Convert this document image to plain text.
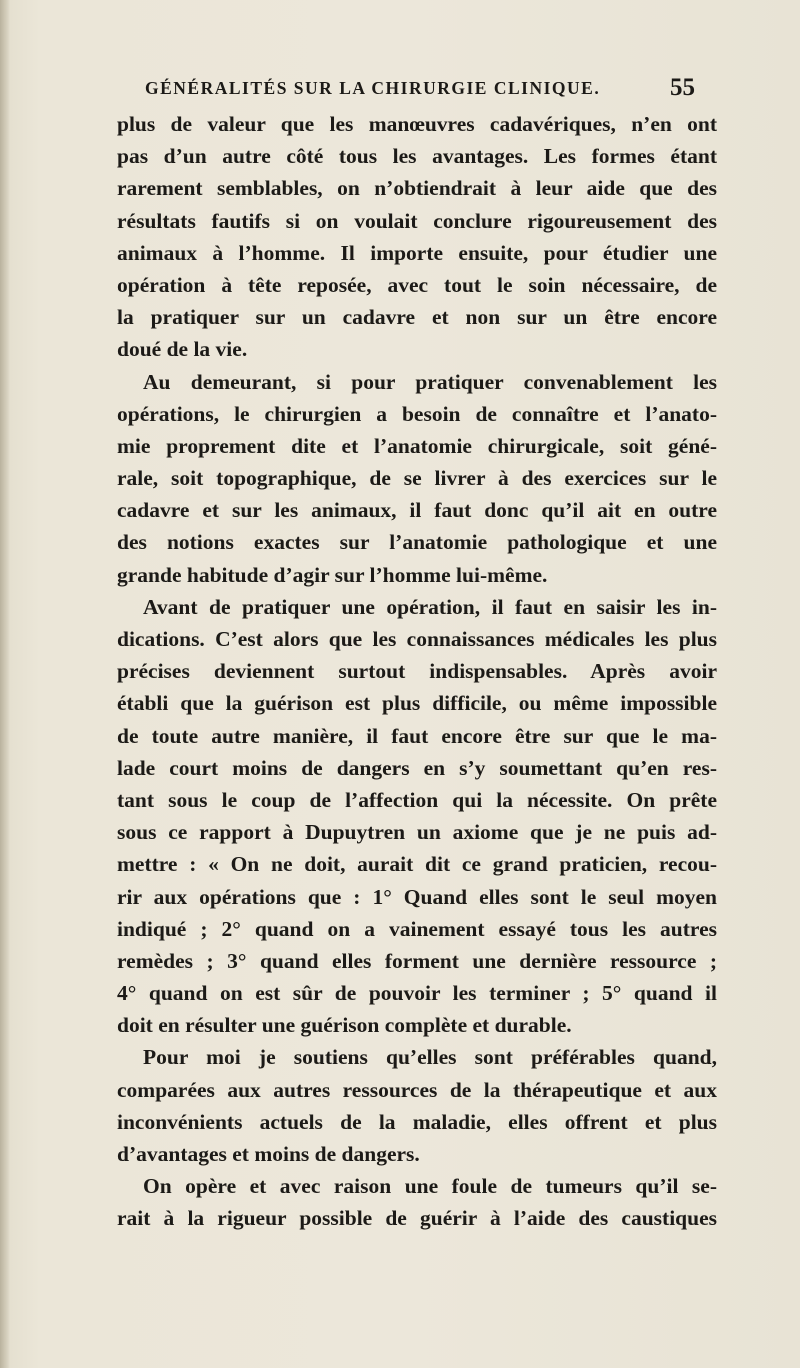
GÉNÉRALITÉS SUR LA CHIRURGIE CLINIQUE.	55
plus de valeur que les manœuvres cadavériques, n’en ont
pas d’un autre côté tous les avantages. Les formes étant
rarement semblables, on n’obtiendrait à leur aide que des
résultats fautifs si on voulait conclure rigoureusement des
animaux à l’homme. Il importe ensuite, pour étudier une
opération à tête reposée, avec tout le soin nécessaire, de
la pratiquer sur un cadavre et non sur un être encore
doué de la vie.
Au demeurant, si pour pratiquer convenablement les
opérations, le chirurgien a besoin de connaître et l’anato-
mie proprement dite et l’anatomie chirurgicale, soit géné-
rale, soit topographique, de se livrer à des exercices sur le
cadavre et sur les animaux, il faut donc qu’il ait en outre
des notions exactes sur l’anatomie pathologique et une
grande habitude d’agir sur l’homme lui-même.
Avant de pratiquer une opération, il faut en saisir les in-
dications. C’est alors que les connaissances médicales les plus
précises deviennent surtout indispensables. Après avoir
établi que la guérison est plus difficile, ou même impossible
de toute autre manière, il faut encore être sur que le ma-
lade court moins de dangers en s’y soumettant qu’en res-
tant sous le coup de l’affection qui la nécessite. On prête
sous ce rapport à Dupuytren un axiome que je ne puis ad-
mettre : « On ne doit, aurait dit ce grand praticien, recou-
rir aux opérations que : 1° Quand elles sont le seul moyen
indiqué ; 2° quand on a vainement essayé tous les autres
remèdes ; 3° quand elles forment une dernière ressource ;
4° quand on est sûr de pouvoir les terminer ; 5° quand il
doit en résulter une guérison complète et durable.
Pour moi je soutiens qu’elles sont préférables quand,
comparées aux autres ressources de la thérapeutique et aux
inconvénients actuels de la maladie, elles offrent et plus
d’avantages et moins de dangers.
On opère et avec raison une foule de tumeurs qu’il se-
rait à la rigueur possible de guérir à l’aide des caustiques
